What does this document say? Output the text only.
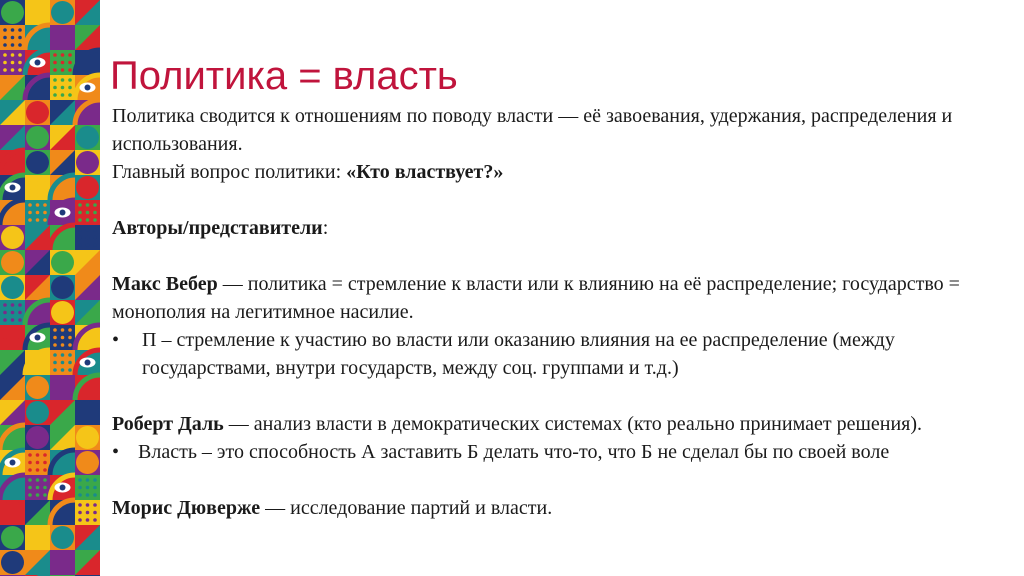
Политика = власть

Политика сводится к отношениям по поводу власти — её завоевания, удержания, распределения и использования.

Главный вопрос политики: «Кто властвует?»

Авторы/представители:

Макс Вебер — политика = стремление к власти или к влиянию на её распределение; государство = монополия на легитимное насилие.

• П – стремление к участию во власти или оказанию влияния на ее распределение (между государствами, внутри государств, между соц. группами и т.д.)

Роберт Даль — анализ власти в демократических системах (кто реально принимает решения).

• Власть – это способность А заставить Б делать что-то, что Б не сделал бы по своей воле

Морис Дюверже — исследование партий и власти.
